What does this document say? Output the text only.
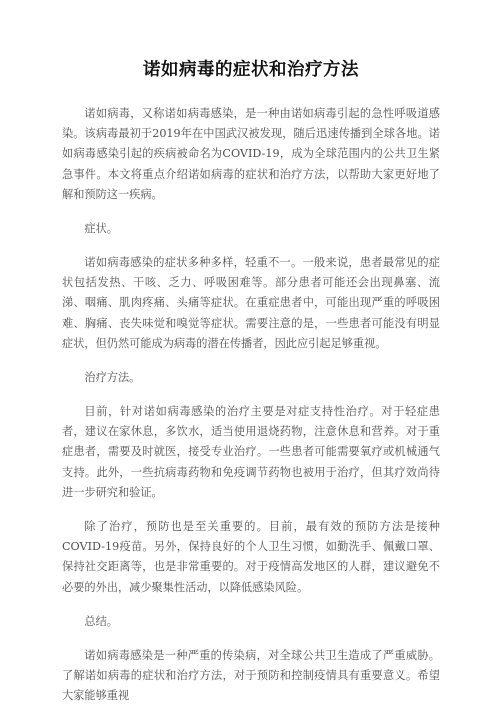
诺如病毒的症状和治疗方法

诺如病毒，又称诺如病毒感染，是一种由诺如病毒引起的急性呼吸道感染。该病毒最初于2019年在中国武汉被发现，随后迅速传播到全球各地。诺如病毒感染引起的疾病被命名为COVID-19，成为全球范围内的公共卫生紧急事件。本文将重点介绍诺如病毒的症状和治疗方法，以帮助大家更好地了解和预防这一疾病。

症状。

诺如病毒感染的症状多种多样，轻重不一。一般来说，患者最常见的症状包括发热、干咳、乏力、呼吸困难等。部分患者可能还会出现鼻塞、流涕、咽痛、肌肉疼痛、头痛等症状。在重症患者中，可能出现严重的呼吸困难、胸痛、丧失味觉和嗅觉等症状。需要注意的是，一些患者可能没有明显症状，但仍然可能成为病毒的潜在传播者，因此应引起足够重视。

治疗方法。

目前，针对诺如病毒感染的治疗主要是对症支持性治疗。对于轻症患者，建议在家休息，多饮水，适当使用退烧药物，注意休息和营养。对于重症患者，需要及时就医，接受专业治疗。一些患者可能需要氧疗或机械通气支持。此外，一些抗病毒药物和免疫调节药物也被用于治疗，但其疗效尚待进一步研究和验证。

除了治疗，预防也是至关重要的。目前，最有效的预防方法是接种COVID-19疫苗。另外，保持良好的个人卫生习惯，如勤洗手、佩戴口罩、保持社交距离等，也是非常重要的。对于疫情高发地区的人群，建议避免不必要的外出，减少聚集性活动，以降低感染风险。

总结。

诺如病毒感染是一种严重的传染病，对全球公共卫生造成了严重威胁。了解诺如病毒的症状和治疗方法，对于预防和控制疫情具有重要意义。希望大家能够重视
